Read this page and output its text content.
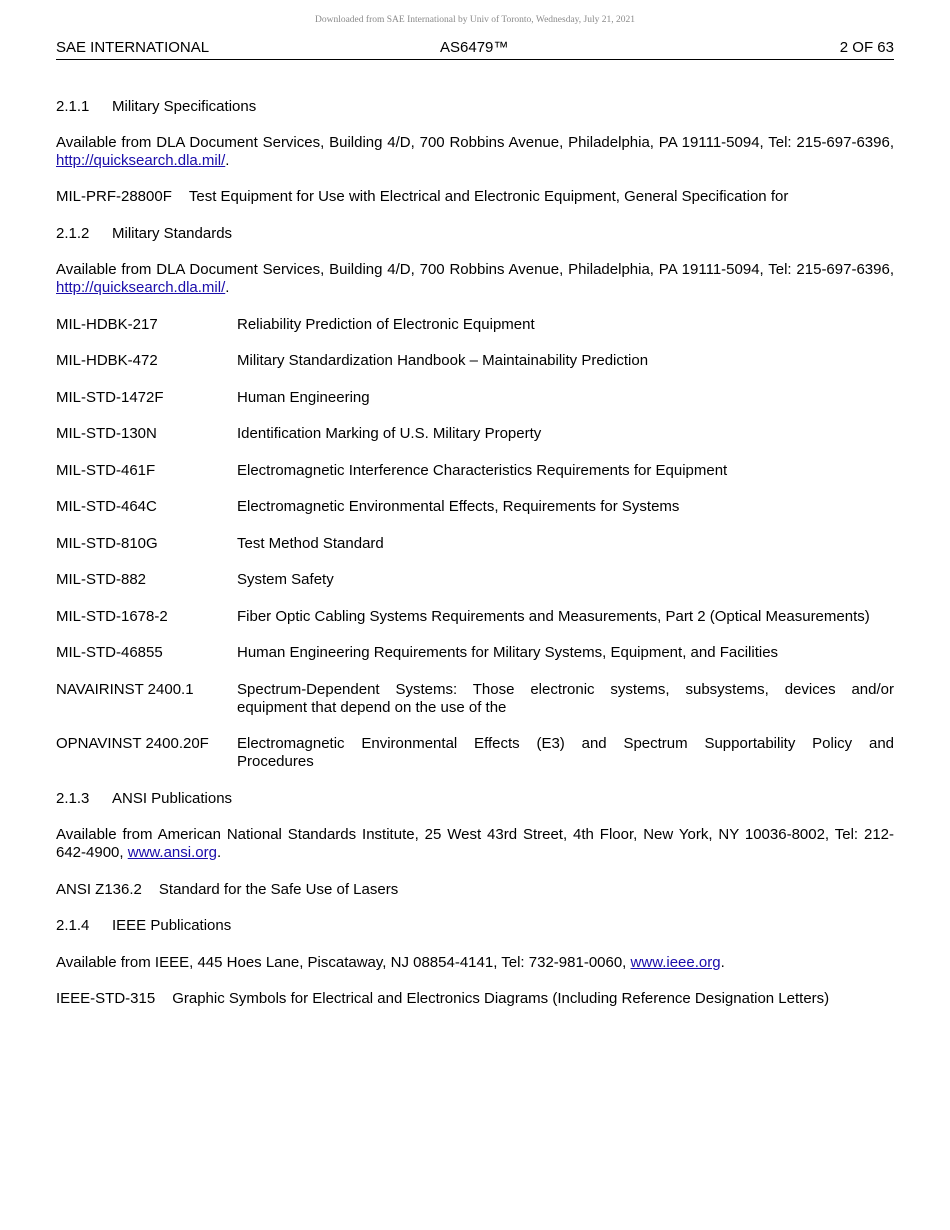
Downloaded from SAE International by Univ of Toronto, Wednesday, July 21, 2021
SAE INTERNATIONAL	AS6479™	2 OF 63
2.1.1 Military Specifications
Available from DLA Document Services, Building 4/D, 700 Robbins Avenue, Philadelphia, PA 19111-5094, Tel: 215-697-6396, http://quicksearch.dla.mil/.
MIL-PRF-28800F Test Equipment for Use with Electrical and Electronic Equipment, General Specification for
2.1.2 Military Standards
Available from DLA Document Services, Building 4/D, 700 Robbins Avenue, Philadelphia, PA 19111-5094, Tel: 215-697-6396, http://quicksearch.dla.mil/.
MIL-HDBK-217	Reliability Prediction of Electronic Equipment
MIL-HDBK-472	Military Standardization Handbook – Maintainability Prediction
MIL-STD-1472F	Human Engineering
MIL-STD-130N	Identification Marking of U.S. Military Property
MIL-STD-461F	Electromagnetic Interference Characteristics Requirements for Equipment
MIL-STD-464C	Electromagnetic Environmental Effects, Requirements for Systems
MIL-STD-810G	Test Method Standard
MIL-STD-882	System Safety
MIL-STD-1678-2	Fiber Optic Cabling Systems Requirements and Measurements, Part 2 (Optical Measurements)
MIL-STD-46855	Human Engineering Requirements for Military Systems, Equipment, and Facilities
NAVAIRINST 2400.1	Spectrum-Dependent Systems: Those electronic systems, subsystems, devices and/or
equipment that depend on the use of the
OPNAVINST 2400.20F	Electromagnetic Environmental Effects (E3) and Spectrum Supportability Policy and
Procedures
2.1.3 ANSI Publications
Available from American National Standards Institute, 25 West 43rd Street, 4th Floor, New York, NY 10036-8002, Tel: 212-642-4900, www.ansi.org.
ANSI Z136.2 Standard for the Safe Use of Lasers
2.1.4 IEEE Publications
Available from IEEE, 445 Hoes Lane, Piscataway, NJ 08854-4141, Tel: 732-981-0060, www.ieee.org.
IEEE-STD-315 Graphic Symbols for Electrical and Electronics Diagrams (Including Reference Designation Letters)
